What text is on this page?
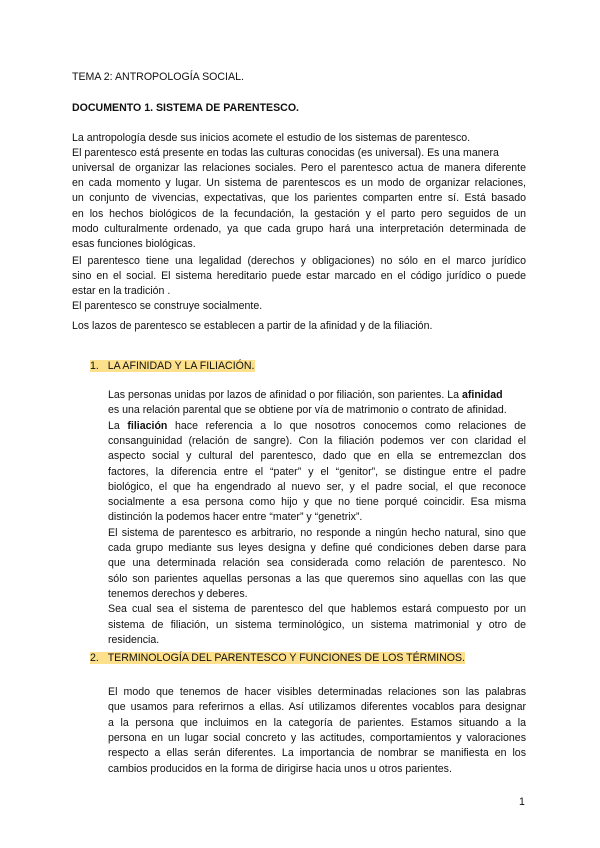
TEMA 2: ANTROPOLOGÍA SOCIAL.
DOCUMENTO 1. SISTEMA DE PARENTESCO.
La antropología desde sus inicios acomete el estudio de los sistemas de parentesco.
El parentesco está presente en todas las culturas conocidas (es universal). Es una manera
universal de organizar las relaciones sociales. Pero el parentesco actua de manera diferente
en cada momento y lugar. Un sistema de parentescos es un modo de organizar relaciones,
un conjunto de vivencias, expectativas, que los parientes comparten entre sí. Está basado
en los hechos biológicos de la fecundación, la gestación y el parto pero seguidos de un
modo culturalmente ordenado, ya que cada grupo hará una interpretación determinada de
esas funciones biológicas.
El parentesco tiene una legalidad (derechos y obligaciones) no sólo en el marco jurídico
sino en el social. El sistema hereditario puede estar marcado en el código jurídico o puede
estar en la tradición .
El parentesco se construye socialmente.
Los lazos de parentesco se establecen a partir de la afinidad y de la filiación.
1. LA AFINIDAD Y LA FILIACIÓN.
Las personas unidas por lazos de afinidad o por filiación, son parientes. La afinidad
es una relación parental que se obtiene por vía de matrimonio o contrato de afinidad.
La filiación hace referencia a lo que nosotros conocemos como relaciones de
consanguinidad (relación de sangre). Con la filiación podemos ver con claridad el
aspecto social y cultural del parentesco, dado que en ella se entremezclan dos
factores, la diferencia entre el “pater” y el “genitor”, se distingue entre el padre
biológico, el que ha engendrado al nuevo ser, y el padre social, el que reconoce
socialmente a esa persona como hijo y que no tiene porqué coincidir. Esa misma
distinción la podemos hacer entre “mater” y “genetrix”.
El sistema de parentesco es arbitrario, no responde a ningún hecho natural, sino que
cada grupo mediante sus leyes designa y define qué condiciones deben darse para
que una determinada relación sea considerada como relación de parentesco. No
sólo son parientes aquellas personas a las que queremos sino aquellas con las que
tenemos derechos y deberes.
Sea cual sea el sistema de parentesco del que hablemos estará compuesto por un
sistema de filiación, un sistema terminológico, un sistema matrimonial y otro de
residencia.
2. TERMINOLOGÍA DEL PARENTESCO Y FUNCIONES DE LOS TÉRMINOS.
El modo que tenemos de hacer visibles determinadas relaciones son las palabras
que usamos para referirnos a ellas. Así utilizamos diferentes vocablos para designar
a la persona que incluimos en la categoría de parientes. Estamos situando a la
persona en un lugar social concreto y las actitudes, comportamientos y valoraciones
respecto a ellas serán diferentes. La importancia de nombrar se manifiesta en los
cambios producidos en la forma de dirigirse hacia unos u otros parientes.
1
